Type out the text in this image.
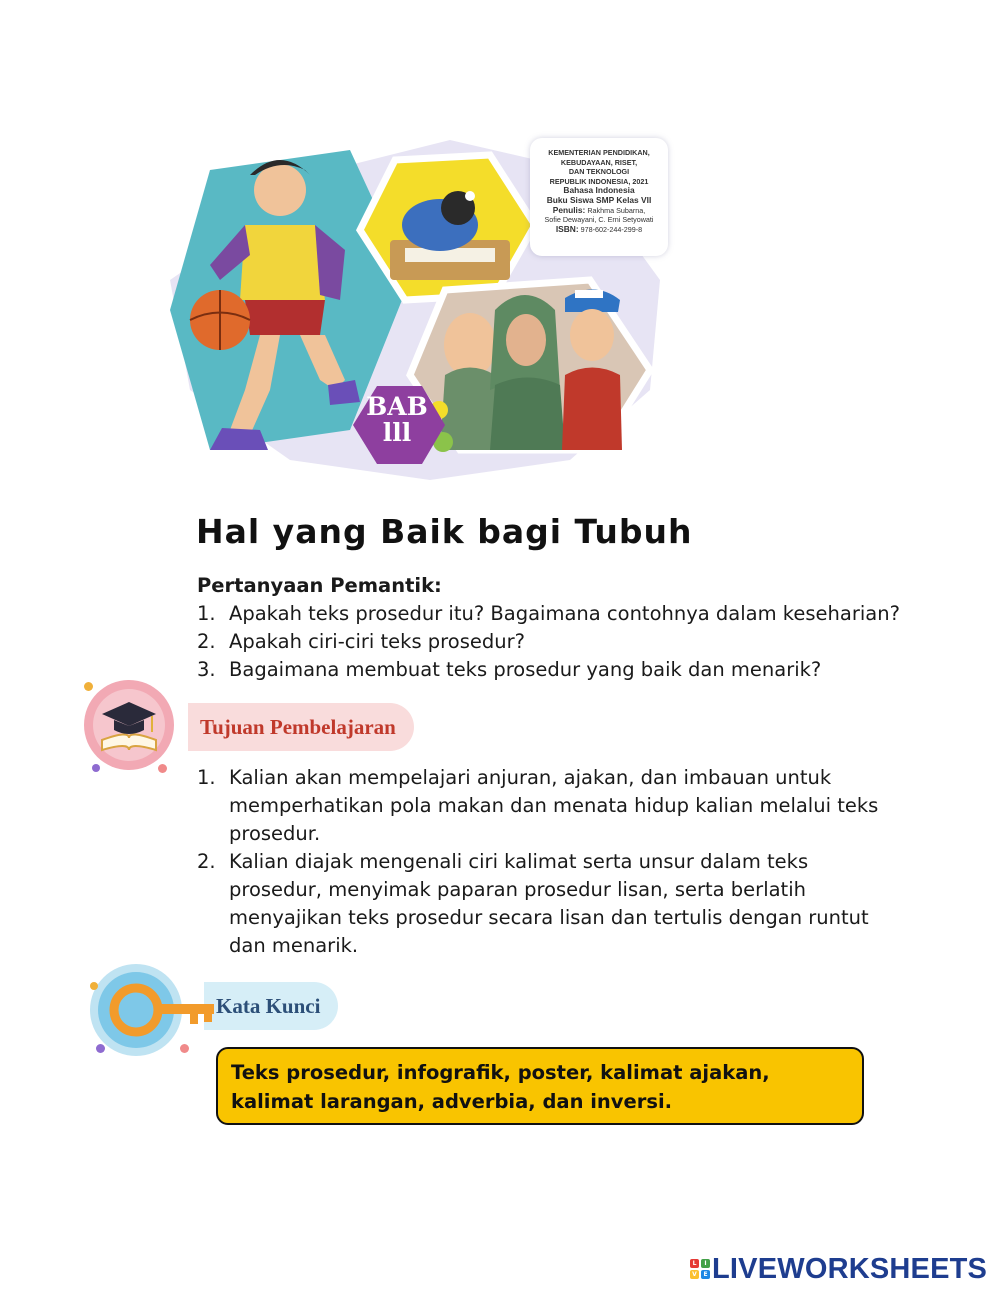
KEMENTERIAN PENDIDIKAN,
KEBUDAYAAN, RISET,
DAN TEKNOLOGI
REPUBLIK INDONESIA, 2021
Bahasa Indonesia
Buku Siswa SMP Kelas VII
Penulis: Rakhma Subarna,
Sofie Dewayani, C. Erni Setyowati
ISBN: 978-602-244-299-8
BAB
lll
Hal yang Baik bagi Tubuh
Pertanyaan Pemantik:
1. Apakah teks prosedur itu? Bagaimana contohnya dalam keseharian?
2. Apakah ciri-ciri teks prosedur?
3. Bagaimana membuat teks prosedur yang baik dan menarik?
Tujuan Pembelajaran
1. Kalian akan mempelajari anjuran, ajakan, dan imbauan untuk memperhatikan pola makan dan menata hidup kalian melalui teks prosedur.
2. Kalian diajak mengenali ciri kalimat serta unsur dalam teks prosedur, menyimak paparan prosedur lisan, serta berlatih menyajikan teks prosedur secara lisan dan tertulis dengan runtut dan menarik.
Kata Kunci
Teks prosedur, infografik, poster, kalimat ajakan, kalimat larangan, adverbia, dan inversi.
L	I
V	E LIVEWORKSHEETS
